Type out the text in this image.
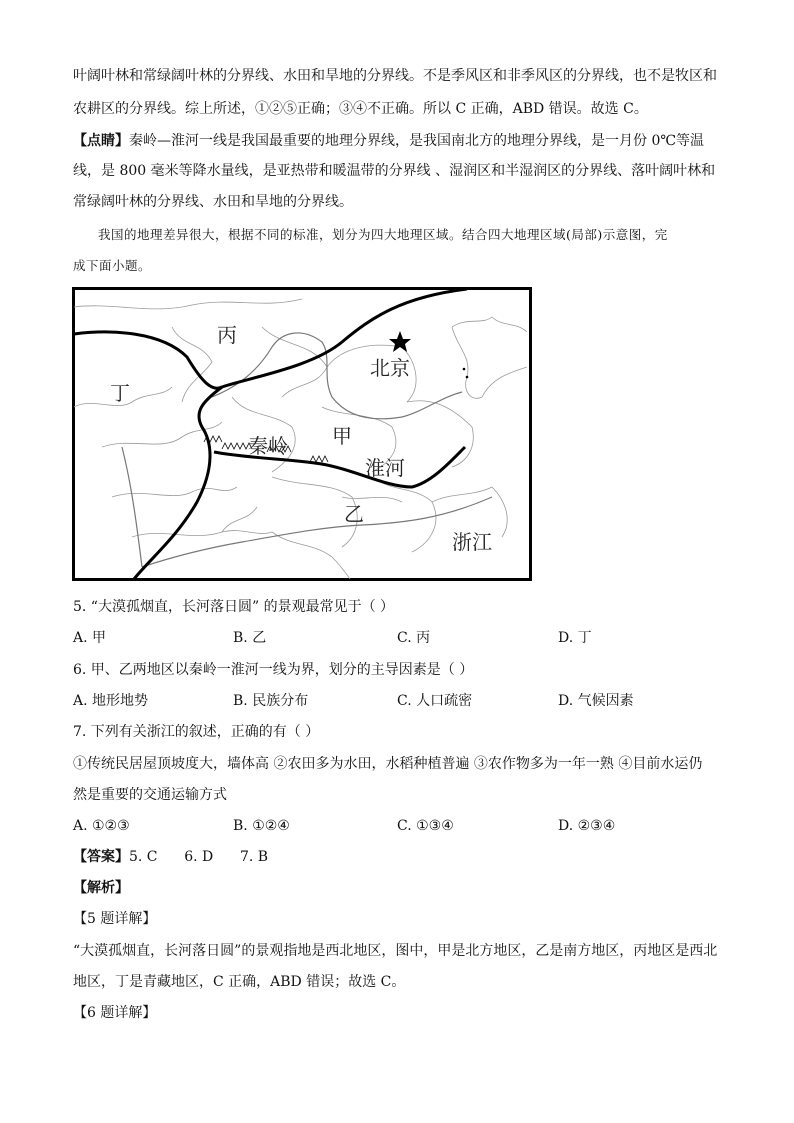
叶阔叶林和常绿阔叶林的分界线、水田和旱地的分界线。不是季风区和非季风区的分界线，也不是牧区和
农耕区的分界线。综上所述，①②⑤正确；③④不正确。所以 C 正确，ABD 错误。故选 C。
【点睛】秦岭—淮河一线是我国最重要的地理分界线，是我国南北方的地理分界线，是一月份 0℃等温
线，是 800 毫米等降水量线，是亚热带和暖温带的分界线 、湿润区和半湿润区的分界线、落叶阔叶林和
常绿阔叶林的分界线、水田和旱地的分界线。
我国的地理差异很大，根据不同的标准，划分为四大地理区域。结合四大地理区域(局部)示意图，完
成下面小题。
丙
丁
北京
秦岭 甲
淮河
乙
浙江
5. “大漠孤烟直，长河落日圆” 的景观最常见于（ ）
A. 甲	B. 乙	C. 丙	D. 丁
6. 甲、乙两地区以秦岭一淮河一线为界，划分的主导因素是（ ）
A. 地形地势	B. 民族分布	C. 人口疏密	D. 气候因素
7. 下列有关浙江的叙述，正确的有（ ）
①传统民居屋顶坡度大，墙体高 ②农田多为水田，水稻种植普遍 ③农作物多为一年一熟 ④目前水运仍
然是重要的交通运输方式
A. ①②③	B. ①②④	C. ①③④	D. ②③④
【答案】5. C      6. D      7. B
【解析】
【5 题详解】
“大漠孤烟直，长河落日圆”的景观指地是西北地区，图中，甲是北方地区，乙是南方地区，丙地区是西北
地区，丁是青藏地区，C 正确，ABD 错误；故选 C。
【6 题详解】
